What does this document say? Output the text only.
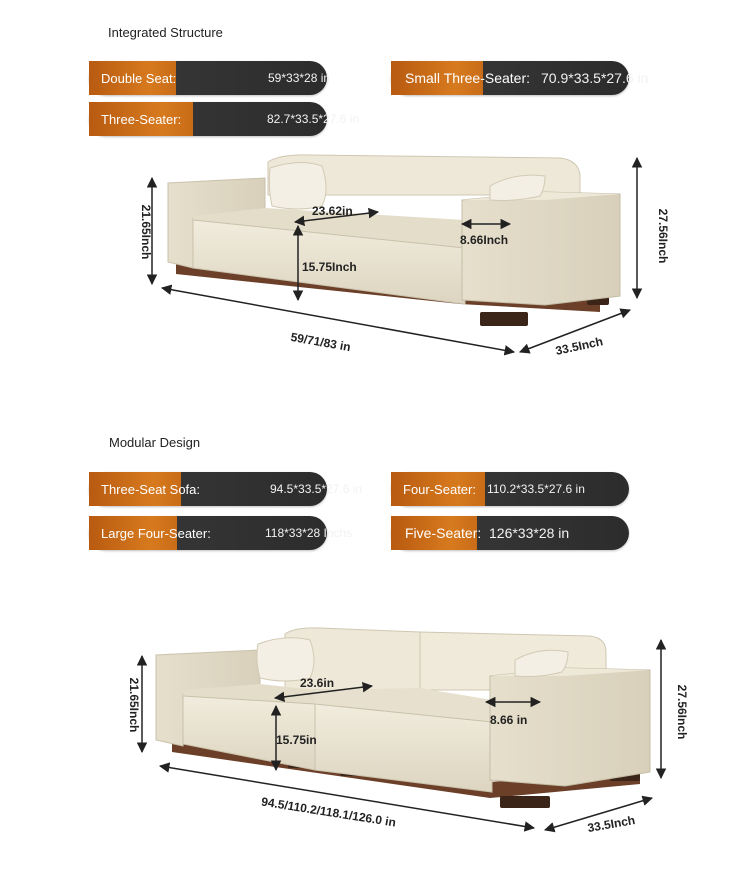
Integrated Structure
Double Seat:	59*33*28 in
Three-Seater:	82.7*33.5*27.6 in
Small Three-Seater: 70.9*33.5*27.6 in
Modular Design
Three-Seat Sofa:	94.5*33.5*27.6 in	Four-Seater: 110.2*33.5*27.6 in
Large Four-Seater:	118*33*28 Inchs	Five-Seater: 126*33*28 in
21.65Inch	23.62in
8.66Inch
15.75Inch
27.56Inch
59/71/83 in	33.5Inch
21.65Inch	23.6in
8.66 in
15.75in
27.56Inch
94.5/110.2/118.1/126.0 in	33.5Inch
